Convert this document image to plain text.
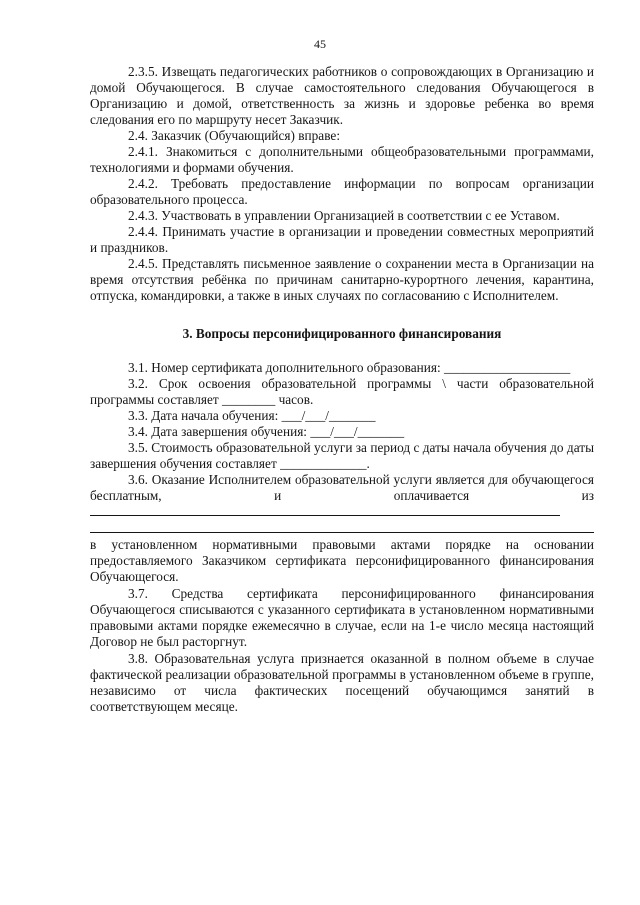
45

2.3.5. Извещать педагогических работников о сопровождающих в Организацию и домой Обучающегося. В случае самостоятельного следования Обучающегося в Организацию и домой, ответственность за жизнь и здоровье ребенка во время следования его по маршруту несет Заказчик.

2.4. Заказчик (Обучающийся) вправе:

2.4.1. Знакомиться с дополнительными общеобразовательными программами, технологиями и формами обучения.

2.4.2. Требовать предоставление информации по вопросам организации образовательного процесса.

2.4.3. Участвовать в управлении Организацией в соответствии с ее Уставом.

2.4.4. Принимать участие в организации и проведении совместных мероприятий и праздников.

2.4.5. Представлять письменное заявление о сохранении места в Организации на время отсутствия ребёнка по причинам санитарно-курортного лечения, карантина, отпуска, командировки, а также в иных случаях по согласованию с Исполнителем.

3. Вопросы персонифицированного финансирования

3.1. Номер сертификата дополнительного образования: ___________________

3.2. Срок освоения образовательной программы \ части образовательной программы составляет ________ часов.

3.3. Дата начала обучения: ___/___/_______

3.4. Дата завершения обучения: ___/___/_______

3.5. Стоимость образовательной услуги за период с даты начала обучения до даты завершения обучения составляет _____________.

3.6. Оказание Исполнителем образовательной услуги является для обучающегося бесплатным, и оплачивается из

в установленном нормативными правовыми актами порядке на основании предоставляемого Заказчиком сертификата персонифицированного финансирования Обучающегося.

3.7. Средства сертификата персонифицированного финансирования Обучающегося списываются с указанного сертификата в установленном нормативными правовыми актами порядке ежемесячно в случае, если на 1-е число месяца настоящий Договор не был расторгнут.

3.8. Образовательная услуга признается оказанной в полном объеме в случае фактической реализации образовательной программы в установленном объеме в группе, независимо от числа фактических посещений обучающимся занятий в соответствующем месяце.
